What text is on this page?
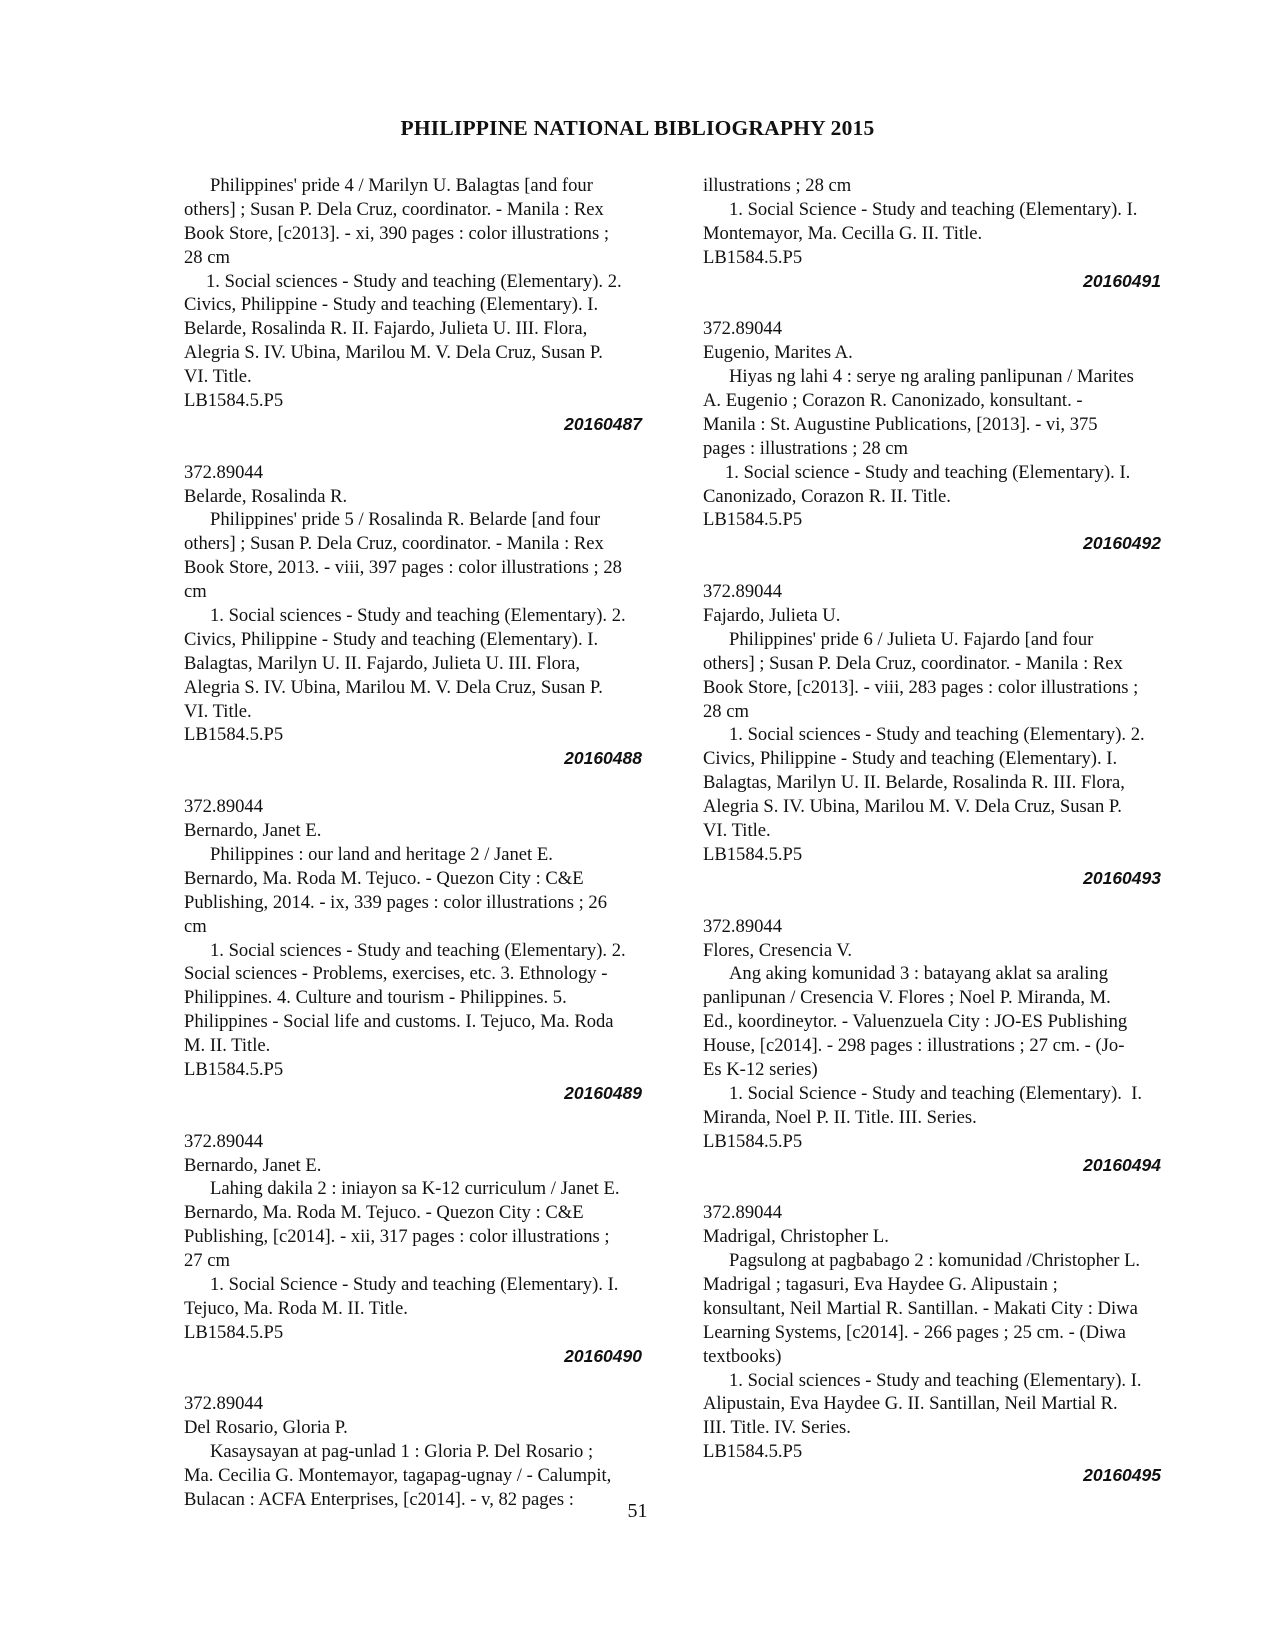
PHILIPPINE NATIONAL BIBLIOGRAPHY 2015
Philippines' pride 4 / Marilyn U. Balagtas [and four
others] ; Susan P. Dela Cruz, coordinator. - Manila : Rex
Book Store, [c2013]. - xi, 390 pages : color illustrations ;
28 cm
1. Social sciences - Study and teaching (Elementary). 2.
Civics, Philippine - Study and teaching (Elementary). I.
Belarde, Rosalinda R. II. Fajardo, Julieta U. III. Flora,
Alegria S. IV. Ubina, Marilou M. V. Dela Cruz, Susan P.
VI. Title.
LB1584.5.P5
20160487
372.89044
Belarde, Rosalinda R.
Philippines' pride 5 / Rosalinda R. Belarde [and four
others] ; Susan P. Dela Cruz, coordinator. - Manila : Rex
Book Store, 2013. - viii, 397 pages : color illustrations ; 28
cm
1. Social sciences - Study and teaching (Elementary). 2.
Civics, Philippine - Study and teaching (Elementary). I.
Balagtas, Marilyn U. II. Fajardo, Julieta U. III. Flora,
Alegria S. IV. Ubina, Marilou M. V. Dela Cruz, Susan P.
VI. Title.
LB1584.5.P5
20160488
372.89044
Bernardo, Janet E.
Philippines : our land and heritage 2 / Janet E.
Bernardo, Ma. Roda M. Tejuco. - Quezon City : C&E
Publishing, 2014. - ix, 339 pages : color illustrations ; 26
cm
1. Social sciences - Study and teaching (Elementary). 2.
Social sciences - Problems, exercises, etc. 3. Ethnology -
Philippines. 4. Culture and tourism - Philippines. 5.
Philippines - Social life and customs. I. Tejuco, Ma. Roda
M. II. Title.
LB1584.5.P5
20160489
372.89044
Bernardo, Janet E.
Lahing dakila 2 : iniayon sa K-12 curriculum / Janet E.
Bernardo, Ma. Roda M. Tejuco. - Quezon City : C&E
Publishing, [c2014]. - xii, 317 pages : color illustrations ;
27 cm
1. Social Science - Study and teaching (Elementary). I.
Tejuco, Ma. Roda M. II. Title.
LB1584.5.P5
20160490
372.89044
Del Rosario, Gloria P.
Kasaysayan at pag-unlad 1 : Gloria P. Del Rosario ;
Ma. Cecilia G. Montemayor, tagapag-ugnay / - Calumpit,
Bulacan : ACFA Enterprises, [c2014]. - v, 82 pages :
illustrations ; 28 cm
1. Social Science - Study and teaching (Elementary). I.
Montemayor, Ma. Cecilla G. II. Title.
LB1584.5.P5
20160491
372.89044
Eugenio, Marites A.
Hiyas ng lahi 4 : serye ng araling panlipunan / Marites
A. Eugenio ; Corazon R. Canonizado, konsultant. -
Manila : St. Augustine Publications, [2013]. - vi, 375
pages : illustrations ; 28 cm
1. Social science - Study and teaching (Elementary). I.
Canonizado, Corazon R. II. Title.
LB1584.5.P5
20160492
372.89044
Fajardo, Julieta U.
Philippines' pride 6 / Julieta U. Fajardo [and four
others] ; Susan P. Dela Cruz, coordinator. - Manila : Rex
Book Store, [c2013]. - viii, 283 pages : color illustrations ;
28 cm
1. Social sciences - Study and teaching (Elementary). 2.
Civics, Philippine - Study and teaching (Elementary). I.
Balagtas, Marilyn U. II. Belarde, Rosalinda R. III. Flora,
Alegria S. IV. Ubina, Marilou M. V. Dela Cruz, Susan P.
VI. Title.
LB1584.5.P5
20160493
372.89044
Flores, Cresencia V.
Ang aking komunidad 3 : batayang aklat sa araling
panlipunan / Cresencia V. Flores ; Noel P. Miranda, M.
Ed., koordineytor. - Valuenzuela City : JO-ES Publishing
House, [c2014]. - 298 pages : illustrations ; 27 cm. - (Jo-
Es K-12 series)
1. Social Science - Study and teaching (Elementary).  I.
Miranda, Noel P. II. Title. III. Series.
LB1584.5.P5
20160494
372.89044
Madrigal, Christopher L.
Pagsulong at pagbabago 2 : komunidad /Christopher L.
Madrigal ; tagasuri, Eva Haydee G. Alipustain ;
konsultant, Neil Martial R. Santillan. - Makati City : Diwa
Learning Systems, [c2014]. - 266 pages ; 25 cm. - (Diwa
textbooks)
1. Social sciences - Study and teaching (Elementary). I.
Alipustain, Eva Haydee G. II. Santillan, Neil Martial R.
III. Title. IV. Series.
LB1584.5.P5
20160495
51
